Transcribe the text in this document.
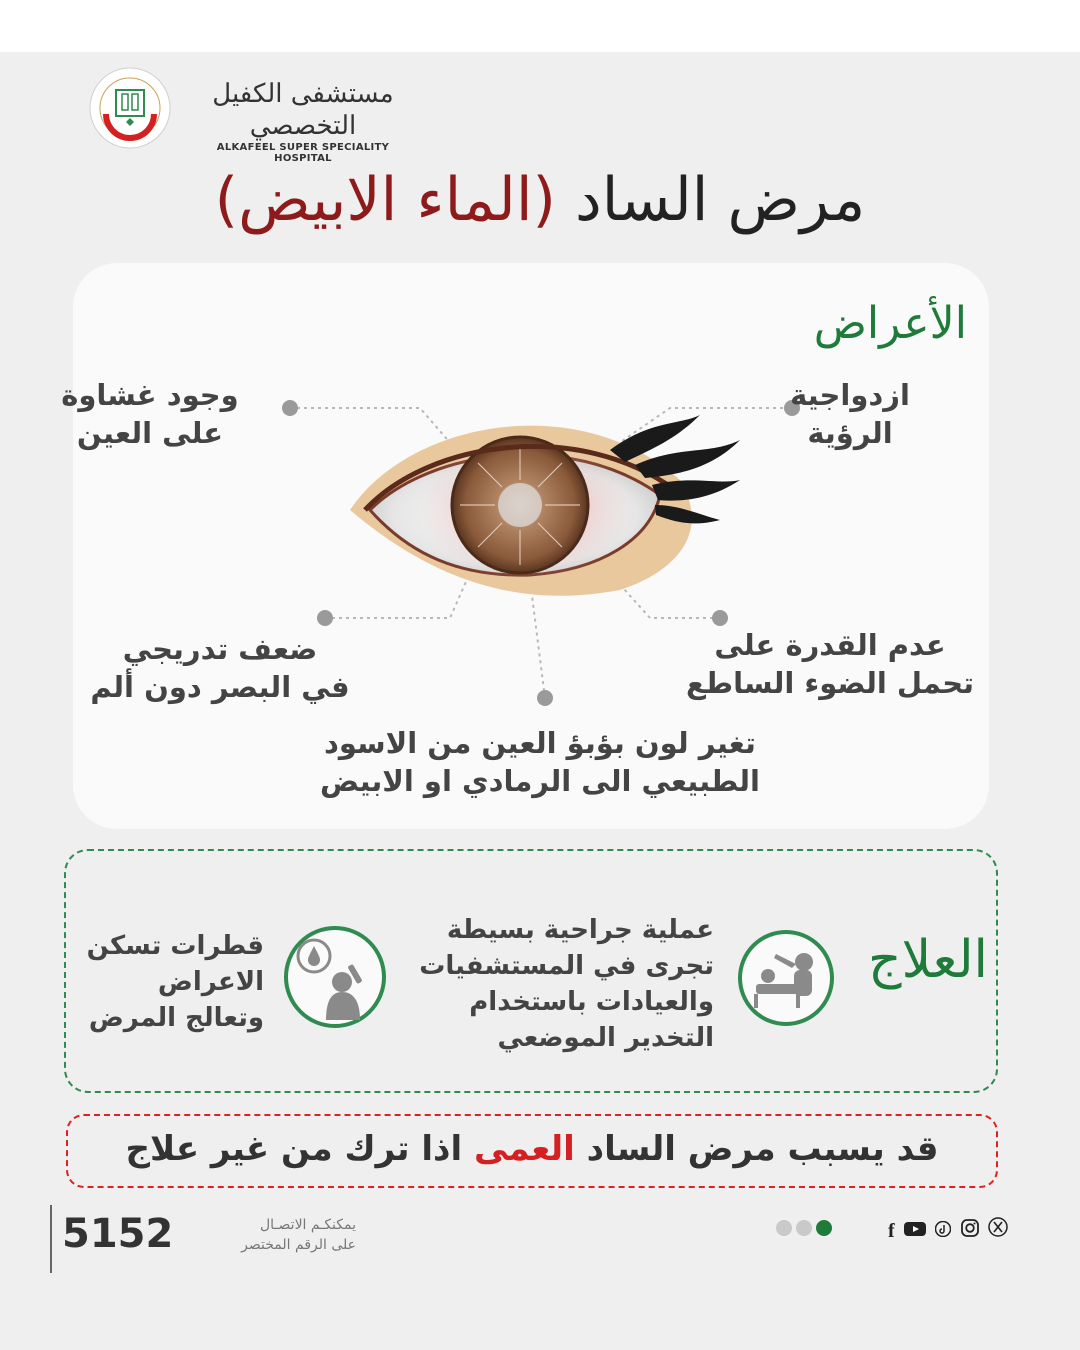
مستشفى الكفيل التخصصي
ALKAFEEL SUPER SPECIALITY HOSPITAL
مرض الساد (الماء الابيض)
الأعراض
وجود غشاوة
على العين
ازدواجية
الرؤية
ضعف تدريجي
في البصر دون ألم
عدم القدرة على
تحمل الضوء الساطع
تغير لون بؤبؤ العين من الاسود
الطبيعي الى الرمادي او الابيض
العلاج
عملية جراحية بسيطة
تجرى في المستشفيات
والعيادات باستخدام
التخدير الموضعي
قطرات تسكن
الاعراض
وتعالج المرض
قد يسبب مرض الساد العمى اذا ترك من غير علاج
5152	يمكنكـم الاتصـال
على الرقم المختصر
f
